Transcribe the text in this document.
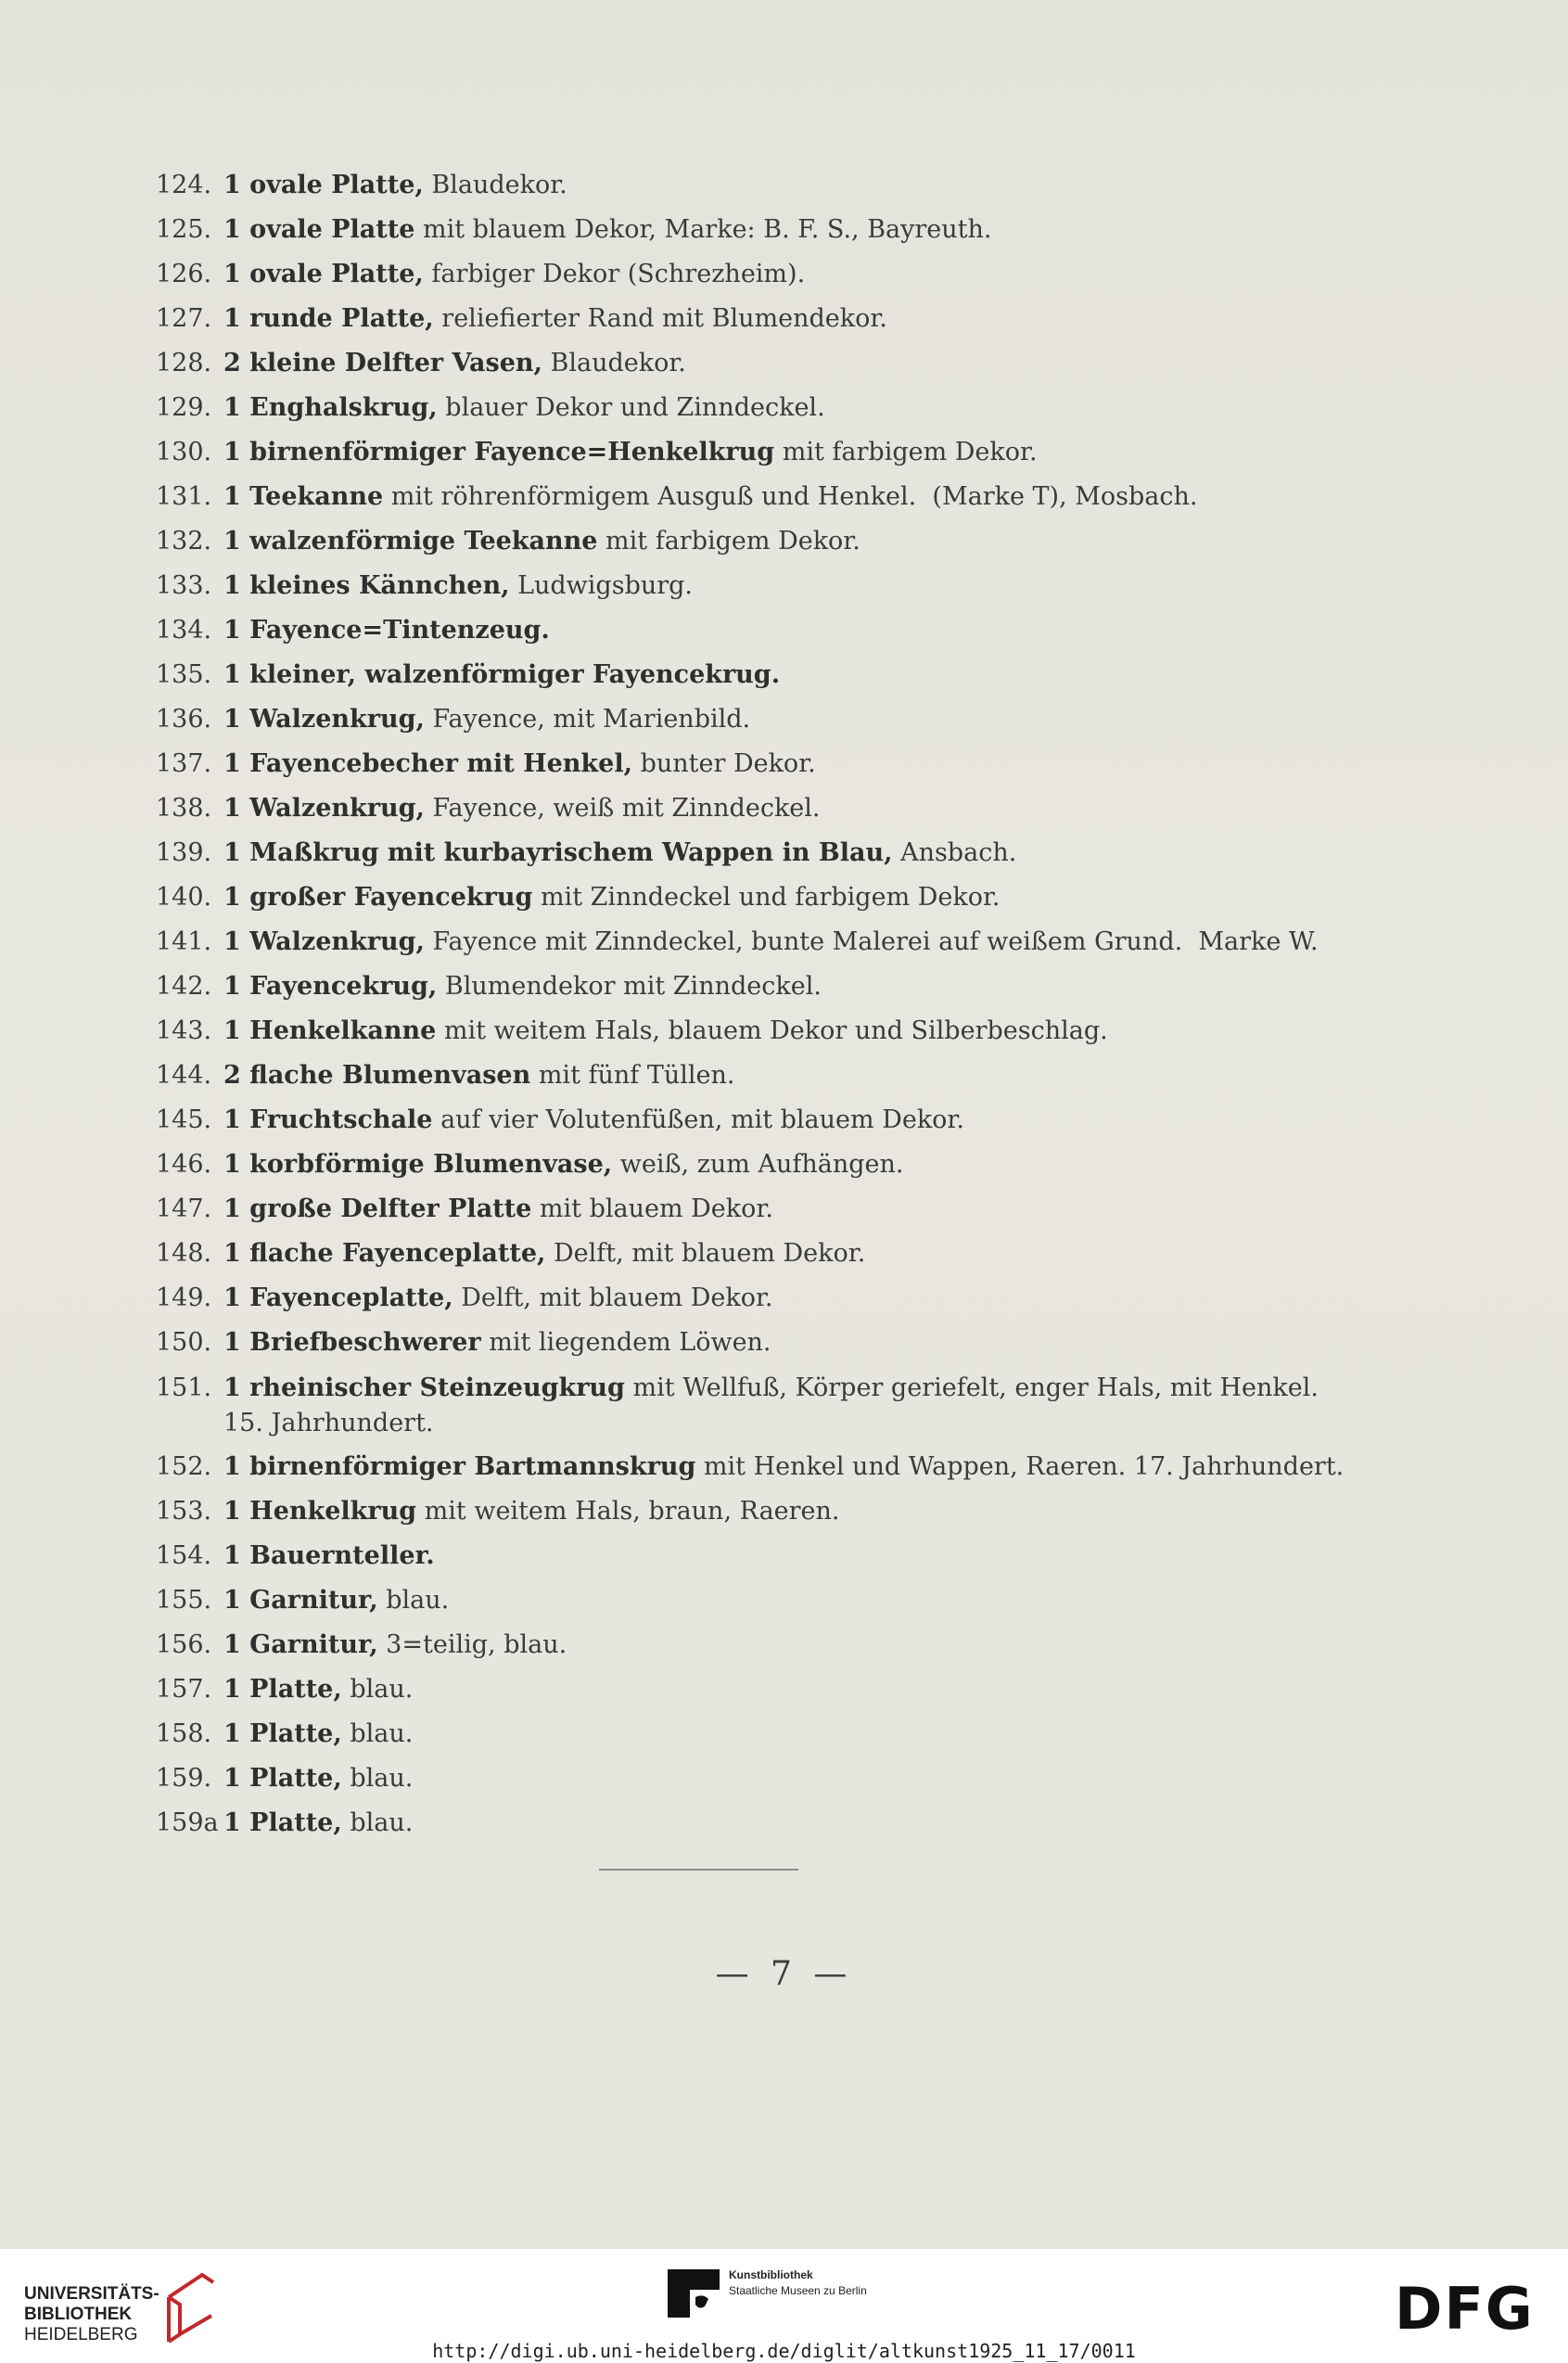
124. 1 ovale Platte, Blaudekor.
125. 1 ovale Platte mit blauem Dekor, Marke: B. F. S., Bayreuth.
126. 1 ovale Platte, farbiger Dekor (Schrezheim).
127. 1 runde Platte, reliefierter Rand mit Blumendekor.
128. 2 kleine Delfter Vasen, Blaudekor.
129. 1 Enghalskrug, blauer Dekor und Zinndeckel.
130. 1 birnenförmiger Fayence=Henkelkrug mit farbigem Dekor.
131. 1 Teekanne mit röhrenförmigem Ausguß und Henkel.  (Marke T), Mosbach.
132. 1 walzenförmige Teekanne mit farbigem Dekor.
133. 1 kleines Kännchen, Ludwigsburg.
134. 1 Fayence=Tintenzeug.
135. 1 kleiner, walzenförmiger Fayencekrug.
136. 1 Walzenkrug, Fayence, mit Marienbild.
137. 1 Fayencebecher mit Henkel, bunter Dekor.
138. 1 Walzenkrug, Fayence, weiß mit Zinndeckel.
139. 1 Maßkrug mit kurbayrischem Wappen in Blau, Ansbach.
140. 1 großer Fayencekrug mit Zinndeckel und farbigem Dekor.
141. 1 Walzenkrug, Fayence mit Zinndeckel, bunte Malerei auf weißem Grund.  Marke W.
142. 1 Fayencekrug, Blumendekor mit Zinndeckel.
143. 1 Henkelkanne mit weitem Hals, blauem Dekor und Silberbeschlag.
144. 2 flache Blumenvasen mit fünf Tüllen.
145. 1 Fruchtschale auf vier Volutenfüßen, mit blauem Dekor.
146. 1 korbförmige Blumenvase, weiß, zum Aufhängen.
147. 1 große Delfter Platte mit blauem Dekor.
148. 1 flache Fayenceplatte, Delft, mit blauem Dekor.
149. 1 Fayenceplatte, Delft, mit blauem Dekor.
150. 1 Briefbeschwerer mit liegendem Löwen.
151. 1 rheinischer Steinzeugkrug mit Wellfuß, Körper geriefelt, enger Hals, mit Henkel.
15. Jahrhundert.
152. 1 birnenförmiger Bartmannskrug mit Henkel und Wappen, Raeren. 17. Jahrhundert.
153. 1 Henkelkrug mit weitem Hals, braun, Raeren.
154. 1 Bauernteller.
155. 1 Garnitur, blau.
156. 1 Garnitur, 3=teilig, blau.
157. 1 Platte, blau.
158. 1 Platte, blau.
159. 1 Platte, blau.
159a 1 Platte, blau.
— 7 —
UNIVERSITÄTS-
BIBLIOTHEK
HEIDELBERG
Kunstbibliothek
Staatliche Museen zu Berlin	DFG
http://digi.ub.uni-heidelberg.de/diglit/altkunst1925_11_17/0011
